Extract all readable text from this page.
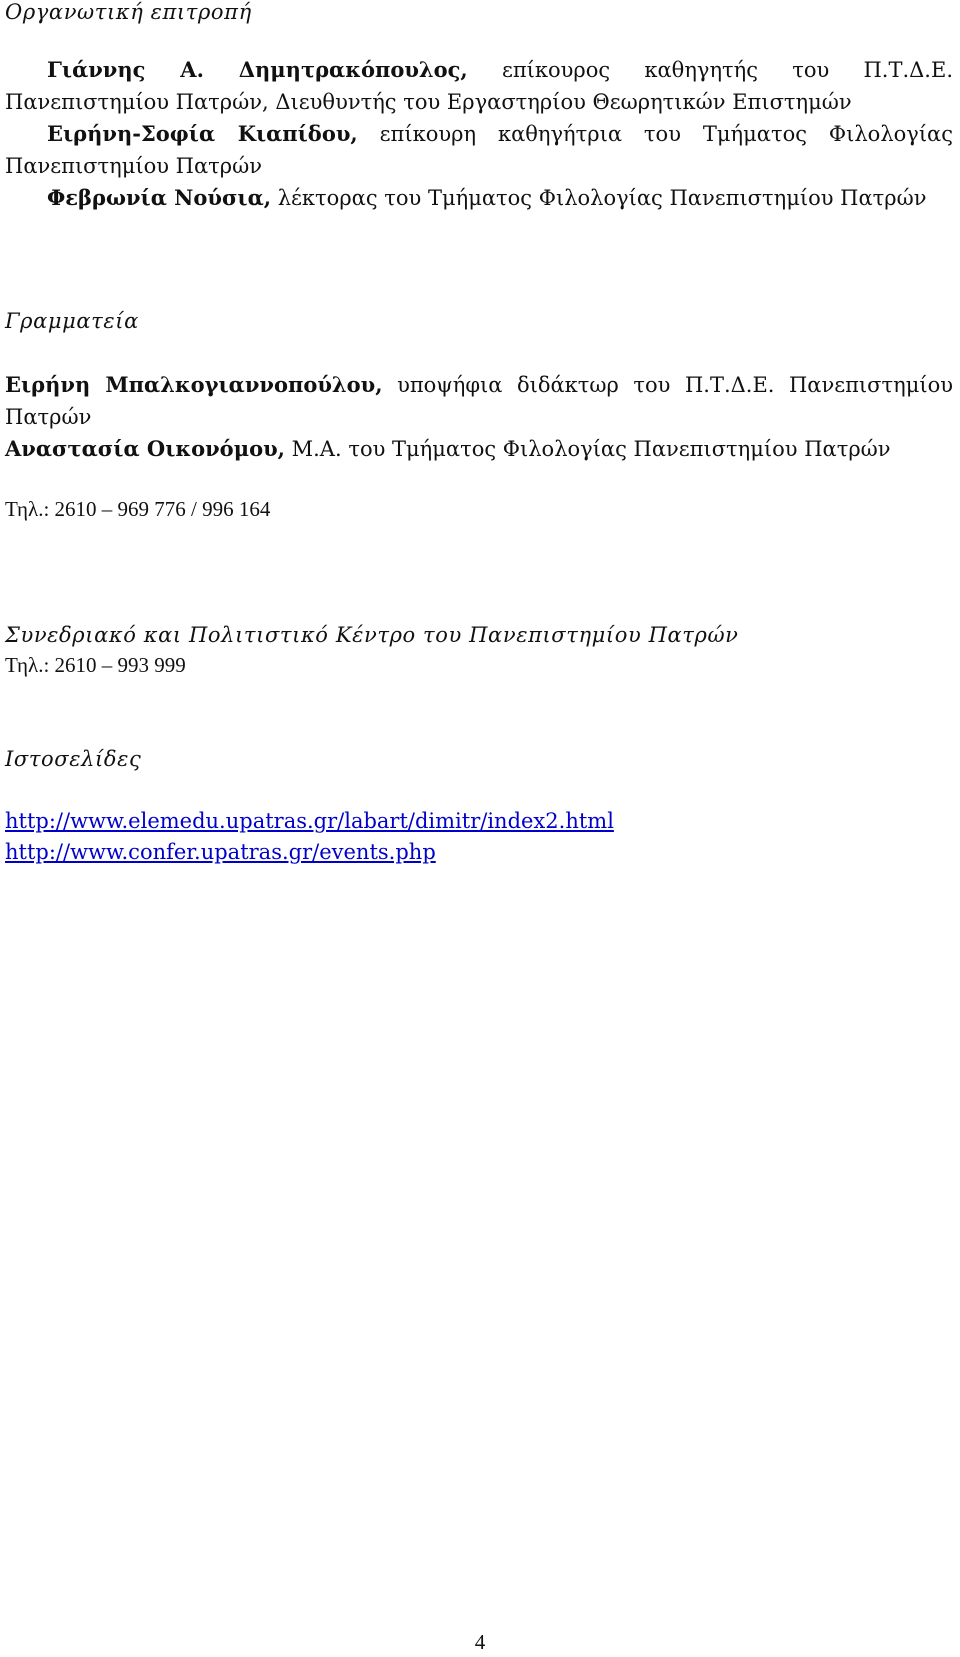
Οργανωτική επιτροπή

Γιάννης Α. Δημητρακόπουλος, επίκουρος καθηγητής του Π.Τ.Δ.Ε. Πανεπιστημίου Πατρών, Διευθυντής του Εργαστηρίου Θεωρητικών Επιστημών

Ειρήνη-Σοφία Κιαπίδου, επίκουρη καθηγήτρια του Τμήματος Φιλολογίας Πανεπιστημίου Πατρών

Φεβρωνία Νούσια, λέκτορας του Τμήματος Φιλολογίας Πανεπιστημίου Πατρών

Γραμματεία

Ειρήνη Μπαλκογιαννοπούλου, υποψήφια διδάκτωρ του Π.Τ.Δ.Ε. Πανεπιστημίου Πατρών

Αναστασία Οικονόμου, Μ.Α. του Τμήματος Φιλολογίας Πανεπιστημίου Πατρών

Τηλ.: 2610 – 969 776 / 996 164

Συνεδριακό και Πολιτιστικό Κέντρο του Πανεπιστημίου Πατρών

Τηλ.: 2610 – 993 999

Ιστοσελίδες

http://www.elemedu.upatras.gr/labart/dimitr/index2.html
http://www.confer.upatras.gr/events.php
4
